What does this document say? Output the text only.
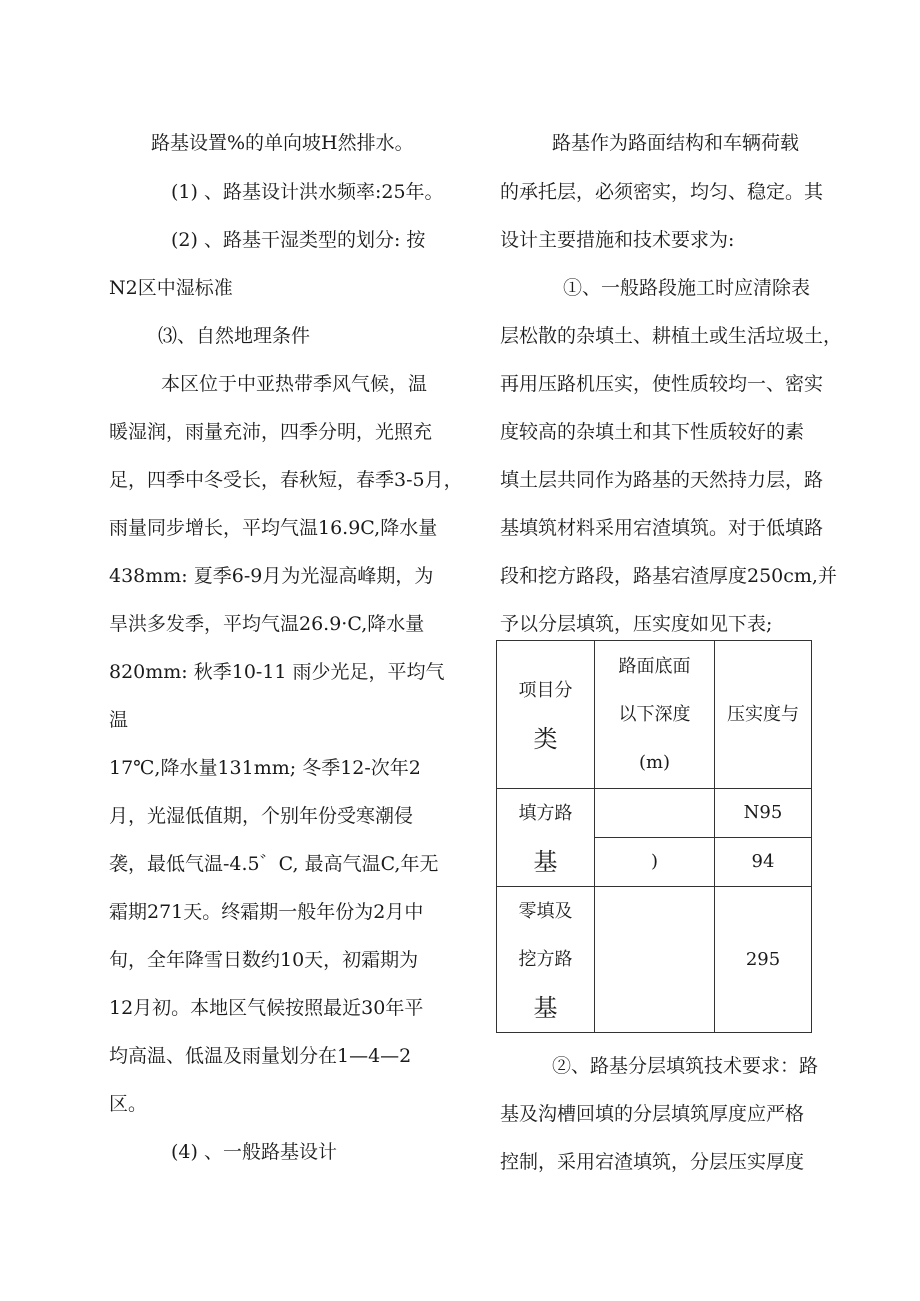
路基设置%的单向坡H然排水。
(1) 、路基设计洪水频率:25年。
(2) 、路基干湿类型的划分: 按
N2区中湿标准
⑶、自然地理条件
本区位于中亚热带季风气候，温
暖湿润，雨量充沛，四季分明，光照充
足，四季中冬受长，春秋短，春季3-5月，
雨量同步增长，平均气温16.9C,降水量
438mm: 夏季6-9月为光湿高峰期，为
旱洪多发季，平均气温26.9·C,降水量
820mm: 秋季10-11 雨少光足，平均气
温
17℃,降水量131mm; 冬季12-次年2
月，光湿低值期，个别年份受寒潮侵
袭，最低气温-4.5゛C, 最高气温C,年无
霜期271天。终霜期一般年份为2月中
旬，全年降雪日数约10天，初霜期为
12月初。本地区气候按照最近30年平
均高温、低温及雨量划分在1—4—2
区。
(4) 、一般路基设计
路基作为路面结构和车辆荷载
的承托层，必须密实，均匀、稳定。其
设计主要措施和技术要求为:
①、一般路段施工时应清除表
层松散的杂填土、耕植土或生活垃圾土，
再用压路机压实，使性质较均一、密实
度较高的杂填土和其下性质较好的素
填土层共同作为路基的天然持力层，路
基填筑材料采用宕渣填筑。对于低填路
段和挖方路段，路基宕渣厚度250cm,并
予以分层填筑，压实度如见下表;
项目分
类	路面底面
以下深度
(m)	压实度与

填方路
基		N95
	)	94

零填及
挖方路
基		295
②、路基分层填筑技术要求：路
基及沟槽回填的分层填筑厚度应严格
控制，采用宕渣填筑，分层压实厚度
